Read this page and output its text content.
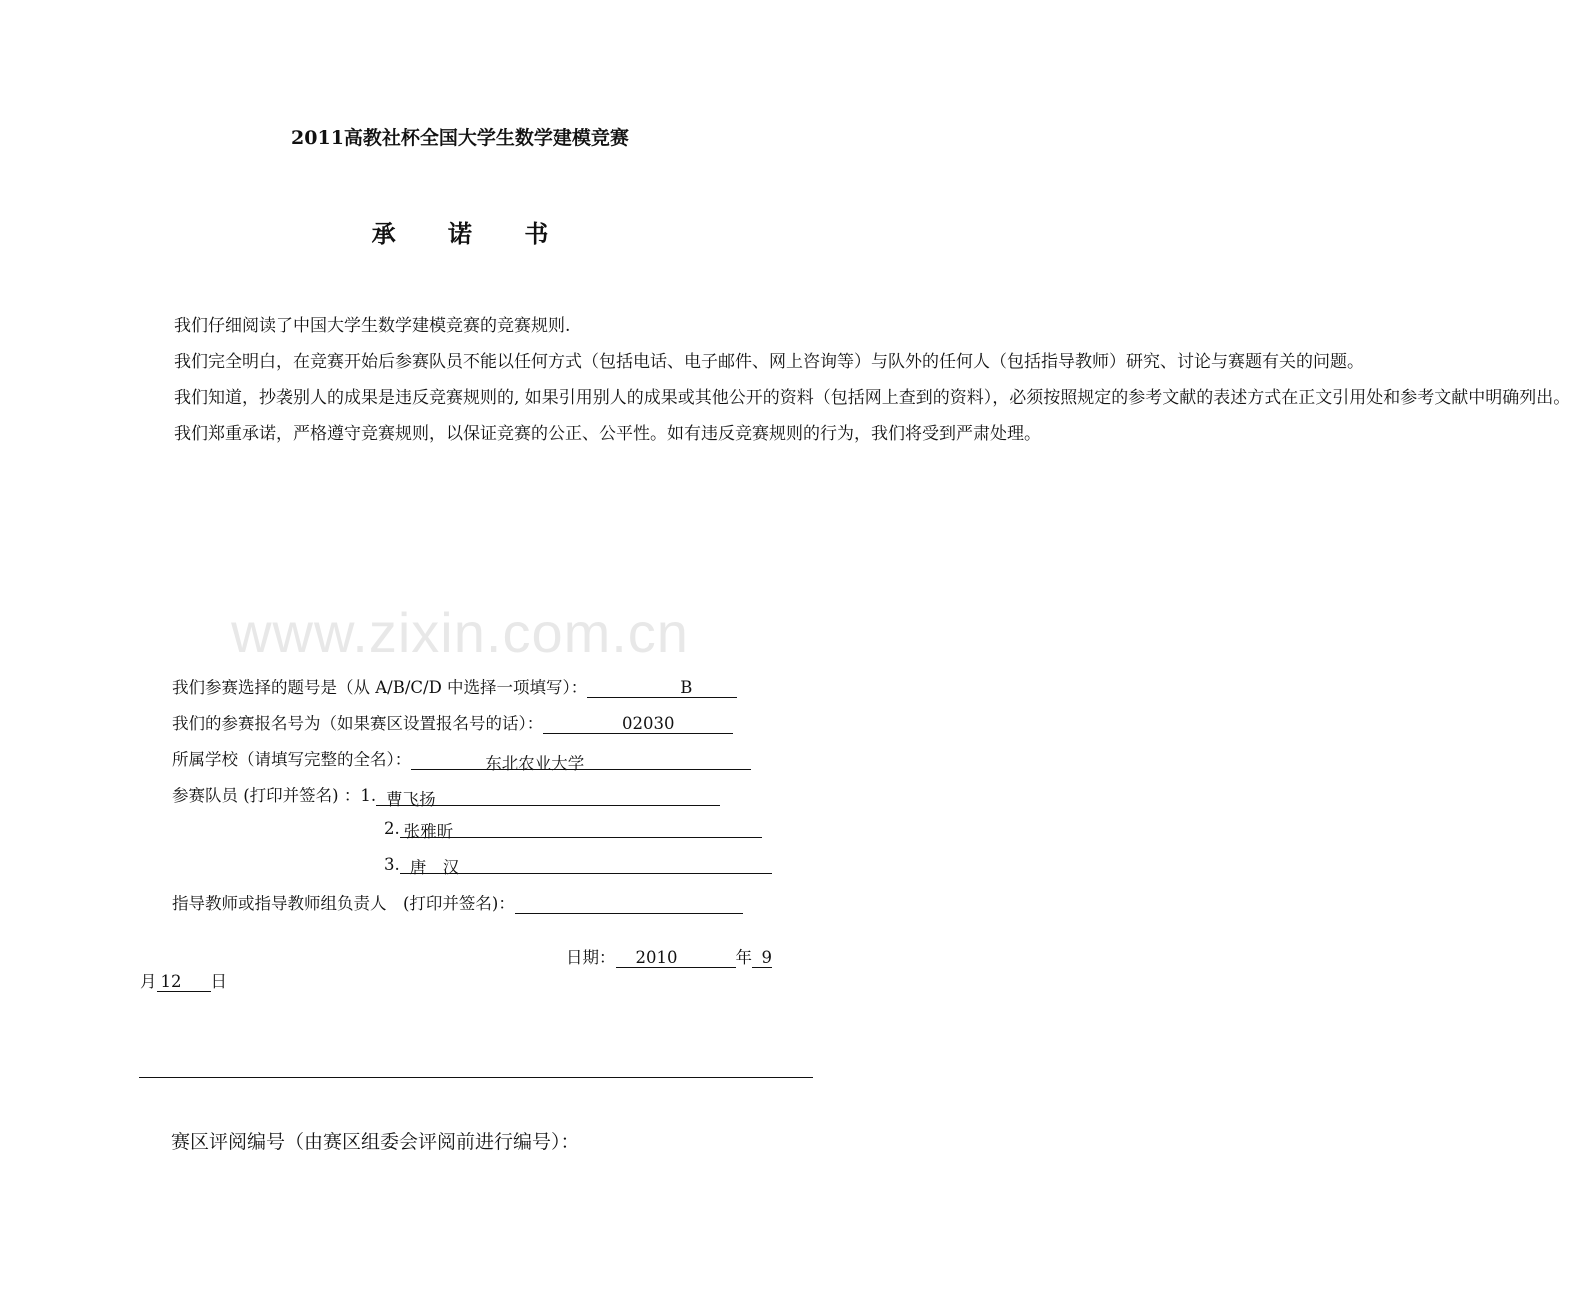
2011高教社杯全国大学生数学建模竞赛
承 诺 书

我们仔细阅读了中国大学生数学建模竞赛的竞赛规则.

我们完全明白，在竞赛开始后参赛队员不能以任何方式（包括电话、电子邮件、网上咨询等）与队外的任何人（包括指导教师）研究、讨论与赛题有关的问题。

我们知道，抄袭别人的成果是违反竞赛规则的, 如果引用别人的成果或其他公开的资料（包括网上查到的资料），必须按照规定的参考文献的表述方式在正文引用处和参考文献中明确列出。

我们郑重承诺，严格遵守竞赛规则，以保证竞赛的公正、公平性。如有违反竞赛规则的行为，我们将受到严肃处理。

www.zixin.com.cn
我们参赛选择的题号是（从 A/B/C/D 中选择一项填写）：	B
我们的参赛报名号为（如果赛区设置报名号的话）：	02030
所属学校（请填写完整的全名）：	东北农业大学
参赛队员 (打印并签名) ：1. 曹飞扬
2. 张雅昕
3. 唐　汉
指导教师或指导教师组负责人　(打印并签名)：
日期： 2010	年 9
月 12 日
赛区评阅编号（由赛区组委会评阅前进行编号）：
